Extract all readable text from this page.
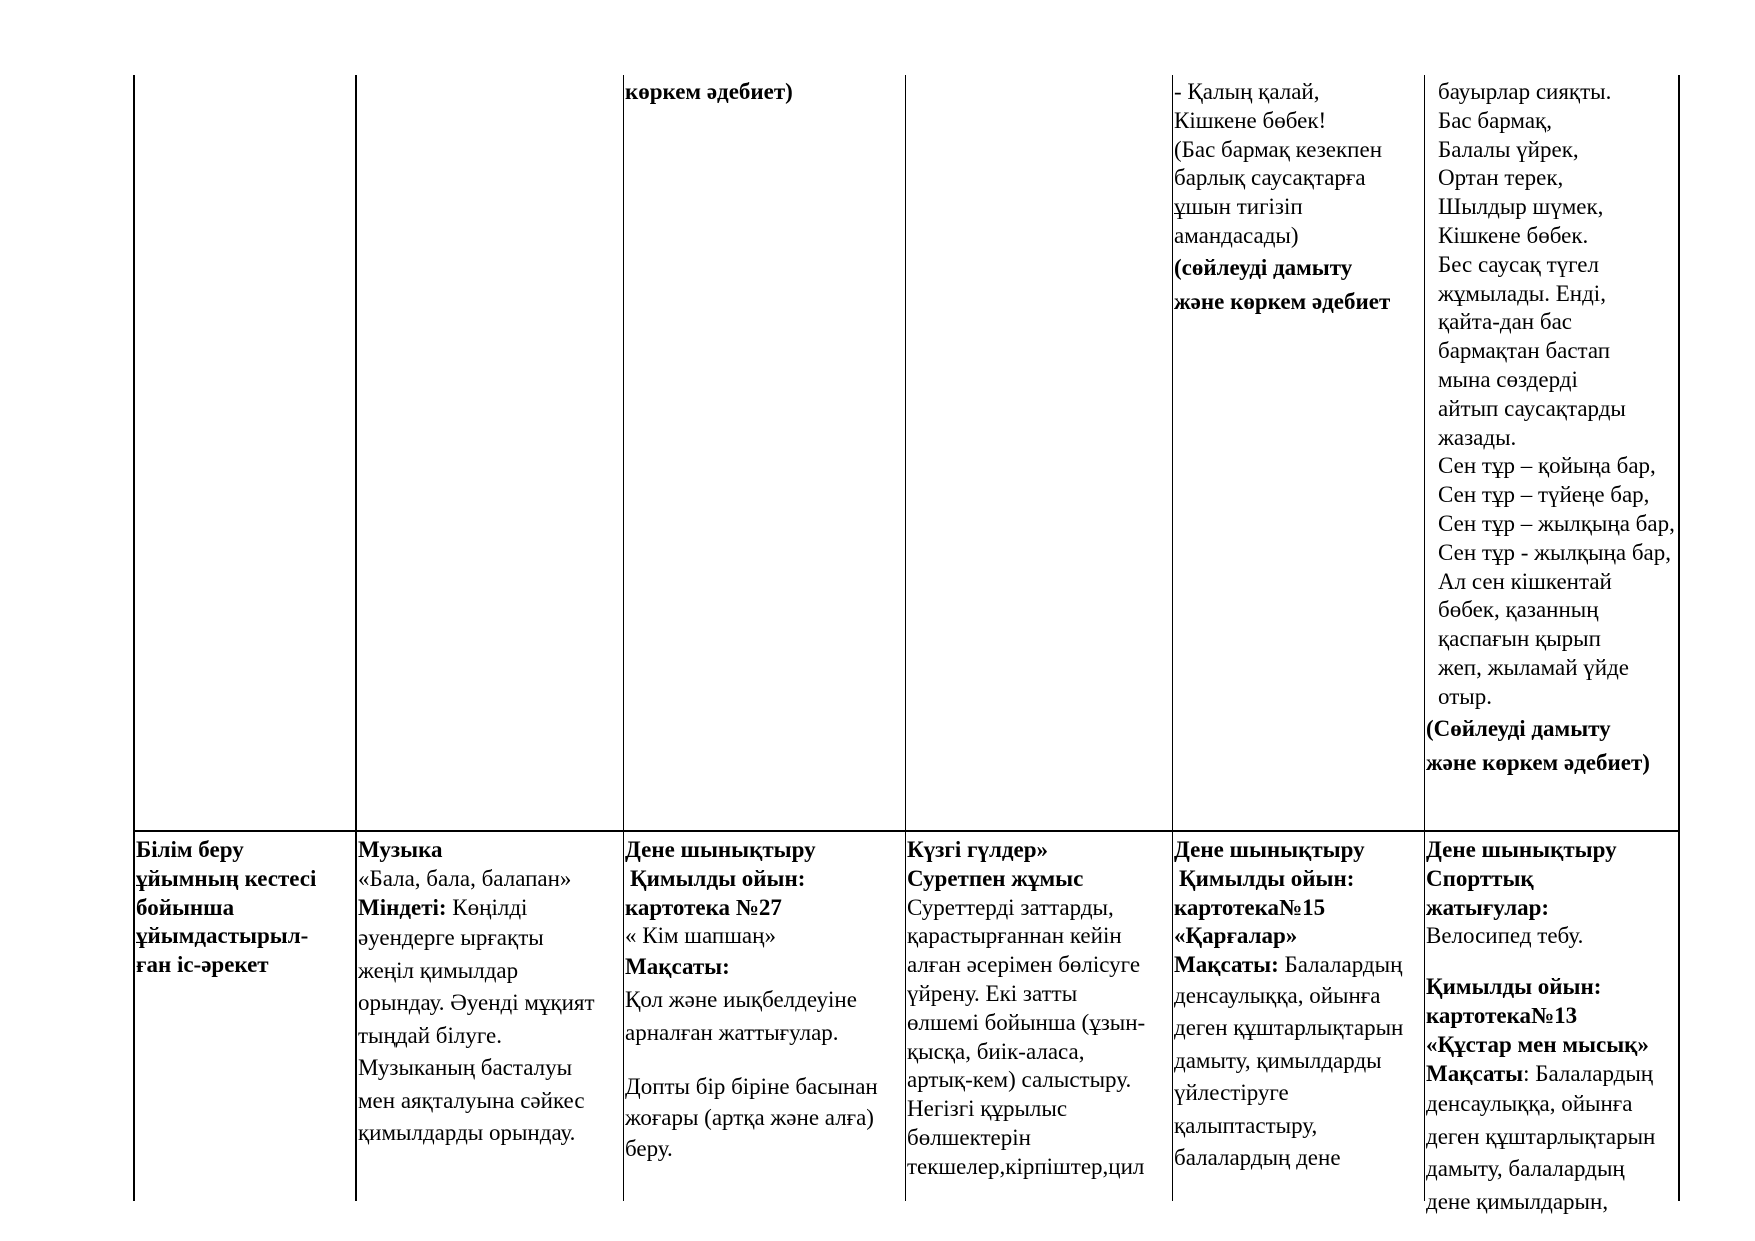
көркем әдебиет)	- Қалың қалай,
Кішкене бөбек!
(Бас бармақ кезекпен
барлық саусақтарға
ұшын тигізіп
амандасады)
(сөйлеуді дамыту
және көркем әдебиет
бауырлар сияқты.
Бас бармақ,
Балалы үйрек,
Ортан терек,
Шылдыр шүмек,
Кішкене бөбек.
Бес саусақ түгел
жұмылады. Енді,
қайта-дан бас
бармақтан бастап
мына сөздерді
айтып саусақтарды
жазады.
Сен тұр – қойыңа бар,
Сен тұр – түйеңе бар,
Сен тұр – жылқыңа бар,
Сен тұр - жылқыңа бар,
Ал сен кішкентай
бөбек, қазанның
қаспағын қырып
жеп, жыламай үйде
отыр.
(Сөйлеуді дамыту
және көркем әдебиет)
Білім беру
ұйымның кестесі
бойынша
ұйымдастырыл-
ған іс-әрекет
Музыка
«Бала, бала, балапан»
Міндеті: Көңілді
әуендерге ырғақты
жеңіл қимылдар
орындау. Әуенді мұқият
тыңдай білуге.
Музыканың басталуы
мен аяқталуына сәйкес
қимылдарды орындау.
Дене шынықтыру
Қимылды ойын:
картотека №27
« Кім шапшаң»
Мақсаты:
Қол және иықбелдеуіне
арналған жаттығулар.
Допты бір біріне басынан
жоғары (артқа және алға)
беру.
Күзгі гүлдер»
Суретпен жұмыс
Суреттерді заттарды,
қарастырғаннан кейін
алған әсерімен бөлісуге
үйрену. Екі затты
өлшемі бойынша (ұзын-
қысқа, биік-аласа,
артық-кем) салыстыру.
Негізгі құрылыс
бөлшектерін
текшелер,кірпіштер,цил
Дене шынықтыру
Қимылды ойын:
картотека№15
«Қарғалар»
Мақсаты: Балалардың
денсаулыққа, ойынға
деген құштарлықтарын
дамыту, қимылдарды
үйлестіруге
қалыптастыру,
балалардың дене
Дене шынықтыру
Спорттық
жатығулар:
Велосипед тебу.
Қимылды ойын:
картотека№13
«Құстар мен мысық»
Мақсаты: Балалардың
денсаулыққа, ойынға
деген құштарлықтарын
дамыту, балалардың
дене қимылдарын,
